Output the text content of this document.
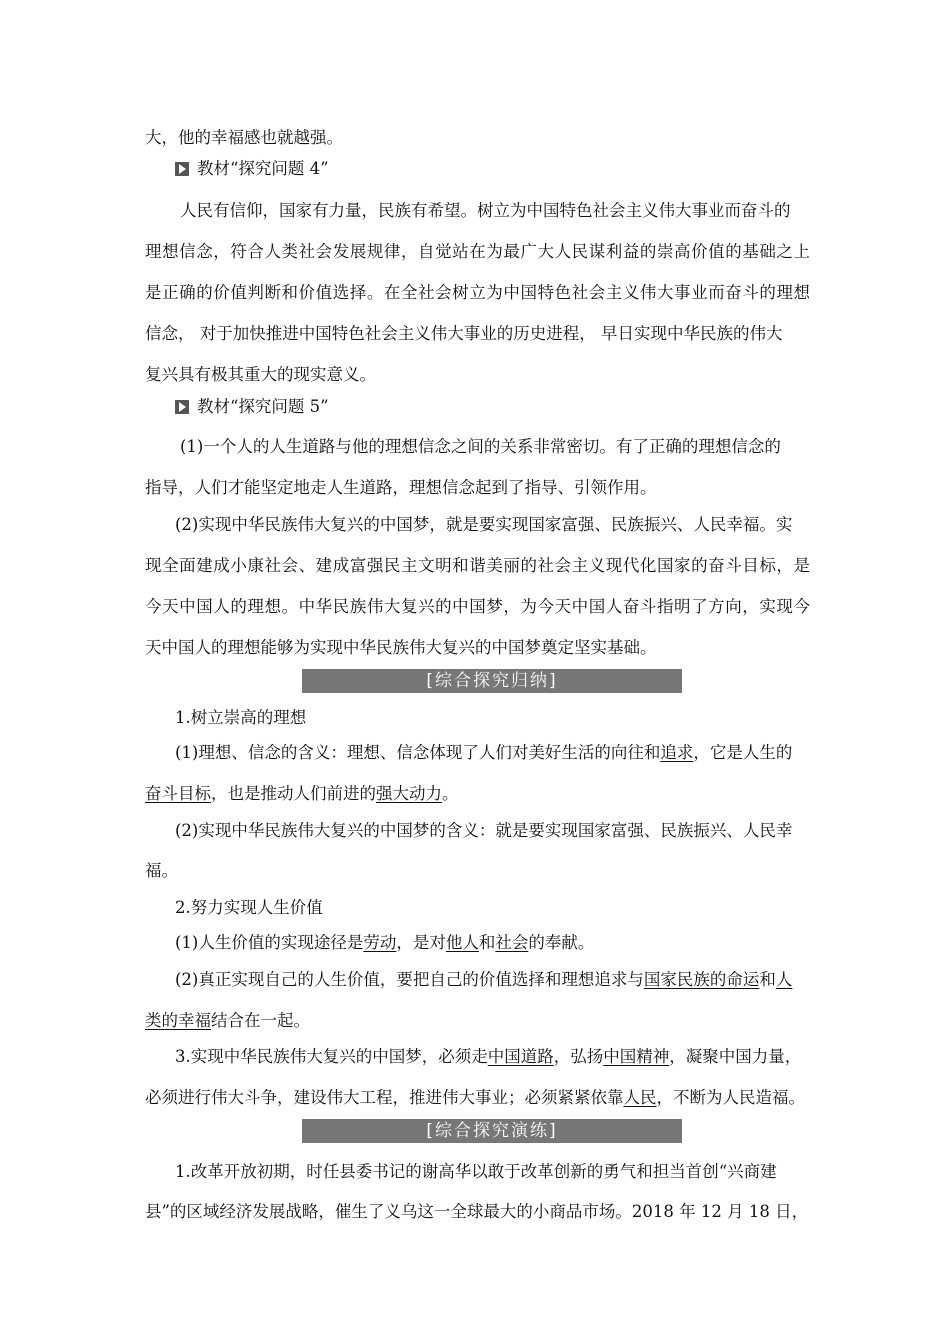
大，他的幸福感也就越强。
教材“探究问题 4”
人民有信仰，国家有力量，民族有希望。树立为中国特色社会主义伟大事业而奋斗的
理想信念，符合人类社会发展规律，自觉站在为最广大人民谋利益的崇高价值的基础之上
是正确的价值判断和价值选择。在全社会树立为中国特色社会主义伟大事业而奋斗的理想
信念， 对于加快推进中国特色社会主义伟大事业的历史进程， 早日实现中华民族的伟大
复兴具有极其重大的现实意义。
教材“探究问题 5”
(1)一个人的人生道路与他的理想信念之间的关系非常密切。有了正确的理想信念的
指导，人们才能坚定地走人生道路，理想信念起到了指导、引领作用。
(2)实现中华民族伟大复兴的中国梦，就是要实现国家富强、民族振兴、人民幸福。实
现全面建成小康社会、建成富强民主文明和谐美丽的社会主义现代化国家的奋斗目标，是
今天中国人的理想。中华民族伟大复兴的中国梦，为今天中国人奋斗指明了方向，实现今
天中国人的理想能够为实现中华民族伟大复兴的中国梦奠定坚实基础。
[综合探究归纳]
1.树立崇高的理想
(1)理想、信念的含义：理想、信念体现了人们对美好生活的向往和追求，它是人生的
奋斗目标，也是推动人们前进的强大动力。
(2)实现中华民族伟大复兴的中国梦的含义：就是要实现国家富强、民族振兴、人民幸
福。
2.努力实现人生价值
(1)人生价值的实现途径是劳动，是对他人和社会的奉献。
(2)真正实现自己的人生价值，要把自己的价值选择和理想追求与国家民族的命运和人
类的幸福结合在一起。
3.实现中华民族伟大复兴的中国梦，必须走中国道路，弘扬中国精神，凝聚中国力量，
必须进行伟大斗争，建设伟大工程，推进伟大事业；必须紧紧依靠人民，不断为人民造福。
[综合探究演练]
1.改革开放初期，时任县委书记的谢高华以敢于改革创新的勇气和担当首创“兴商建
县”的区域经济发展战略，催生了义乌这一全球最大的小商品市场。2018 年 12 月 18 日，
